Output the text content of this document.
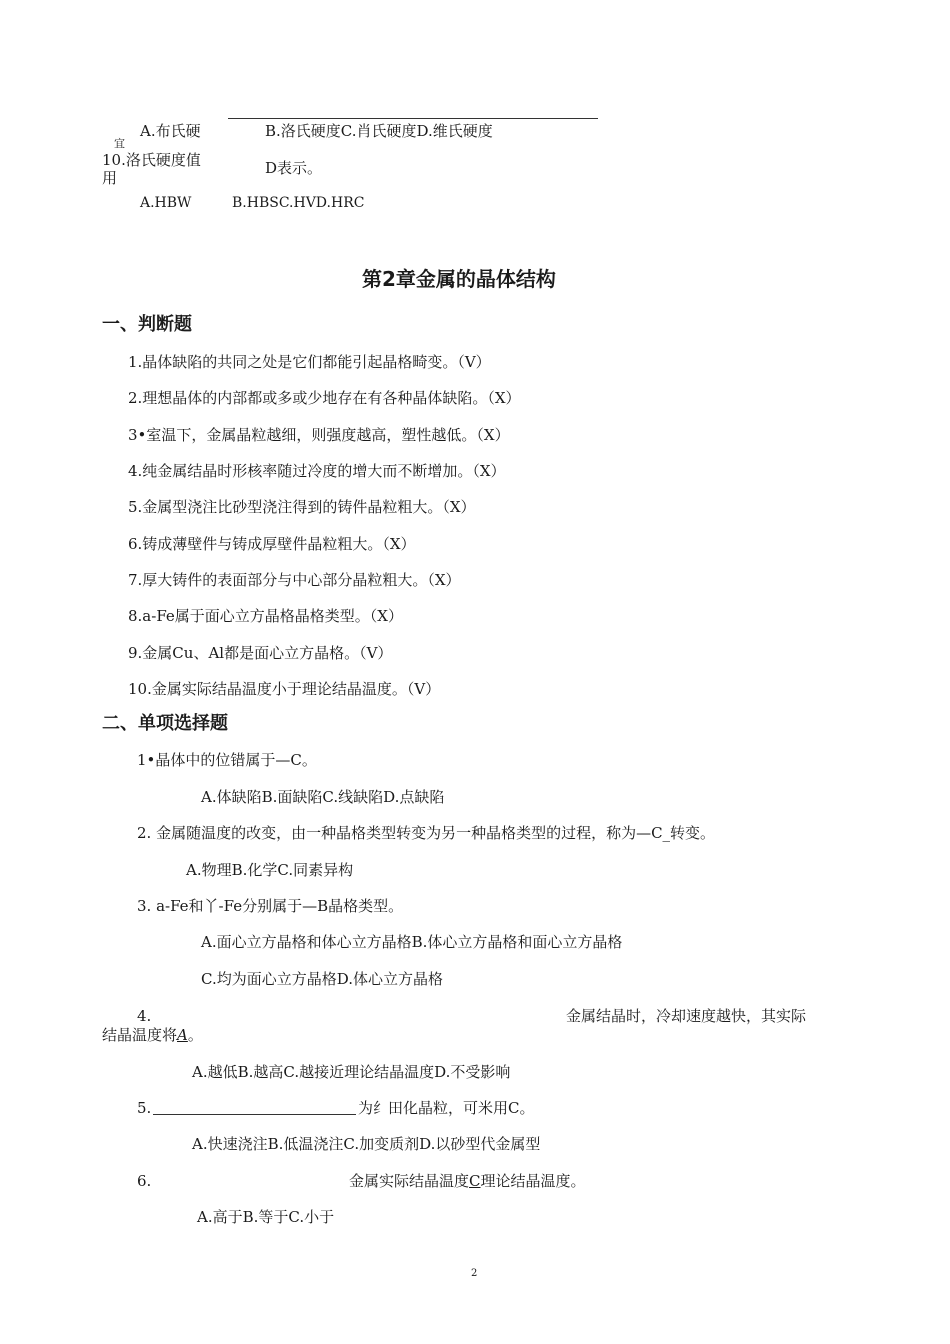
A.布氏硬	B.洛氏硬度C.肖氏硬度D.维氏硬度
宜
10.洛氏硬度值
用
D表示。
A.HBW	B.HBSC.HVD.HRC
第2章金属的晶体结构
一、判断题
1.晶体缺陷的共同之处是它们都能引起晶格畸变。（V）
2.理想晶体的内部都或多或少地存在有各种晶体缺陷。（X）
3•室温下，金属晶粒越细，则强度越高，塑性越低。（X）
4.纯金属结晶时形核率随过冷度的增大而不断增加。（X）
5.金属型浇注比砂型浇注得到的铸件晶粒粗大。（X）
6.铸成薄壁件与铸成厚壁件晶粒粗大。（X）
7.厚大铸件的表面部分与中心部分晶粒粗大。（X）
8.a-Fe属于面心立方晶格晶格类型。（X）
9.金属Cu、Al都是面心立方晶格。（V）
10.金属实际结晶温度小于理论结晶温度。（V）
二、单项选择题
1•晶体中的位错属于—C。
A.体缺陷B.面缺陷C.线缺陷D.点缺陷
2. 金属随温度的改变，由一种晶格类型转变为另一种晶格类型的过程，称为—C_转变。
A.物理B.化学C.同素异构
3. a-Fe和丫-Fe分别属于—B晶格类型。
A.面心立方晶格和体心立方晶格B.体心立方晶格和面心立方晶格
C.均为面心立方晶格D.体心立方晶格
4.	金属结晶时，冷却速度越快，其实际
结晶温度将A。
A.越低B.越高C.越接近理论结晶温度D.不受影响
5.	为纟田化晶粒，可米用C。
A.快速浇注B.低温浇注C.加变质剂D.以砂型代金属型
6.	金属实际结晶温度C理论结晶温度。
A.高于B.等于C.小于
2
